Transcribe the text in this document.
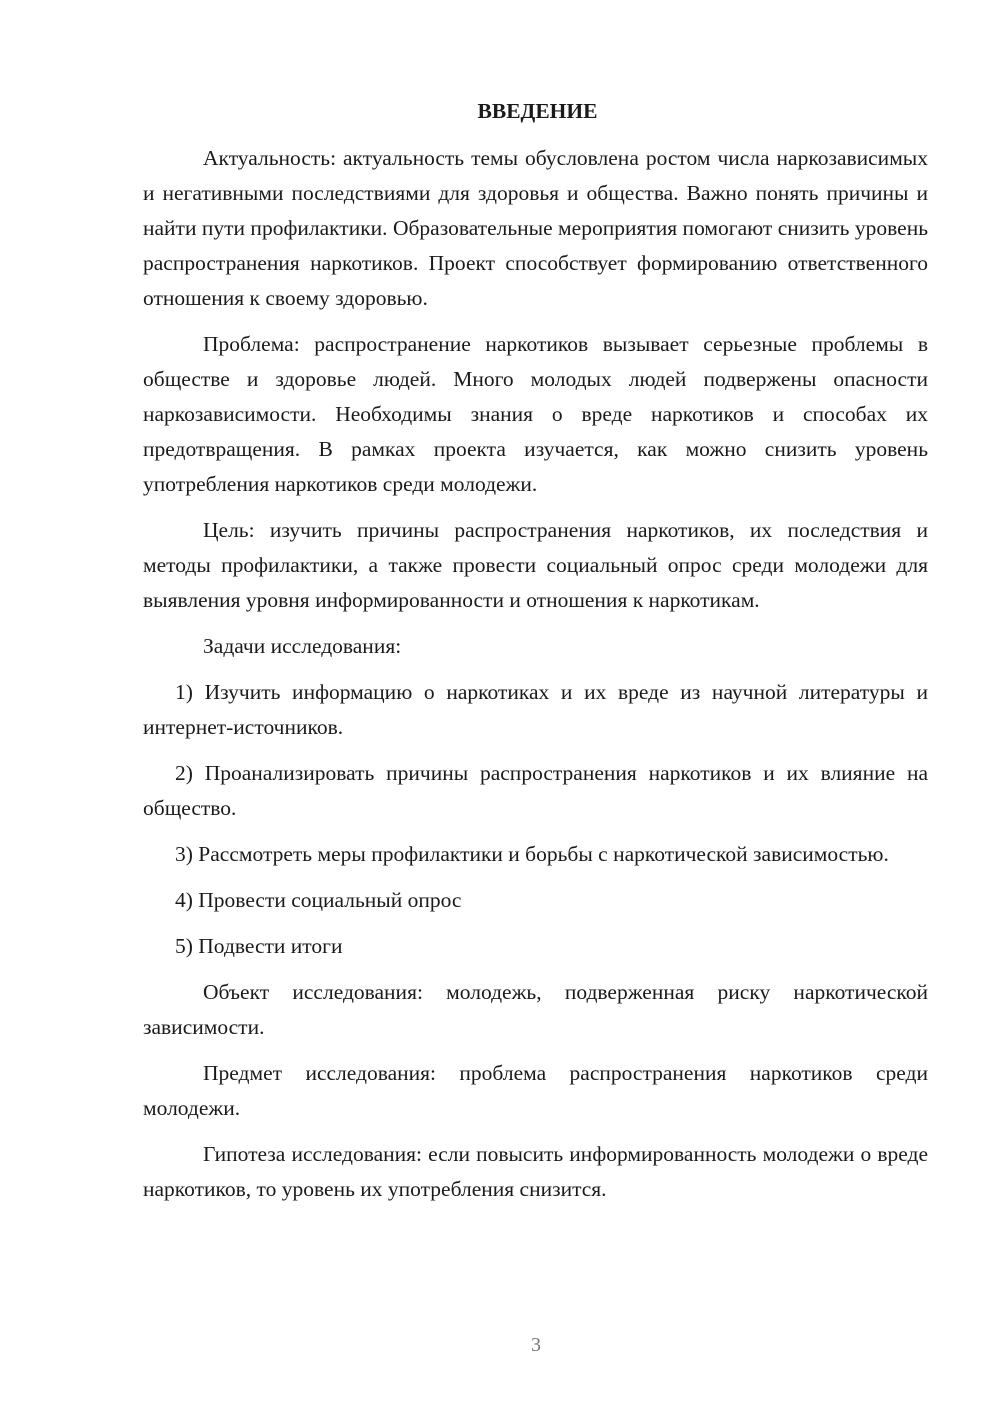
ВВЕДЕНИЕ

Актуальность: актуальность темы обусловлена ростом числа наркозависимых и негативными последствиями для здоровья и общества. Важно понять причины и найти пути профилактики. Образовательные мероприятия помогают снизить уровень распространения наркотиков. Проект способствует формированию ответственного отношения к своему здоровью.

Проблема: распространение наркотиков вызывает серьезные проблемы в обществе и здоровье людей. Много молодых людей подвержены опасности наркозависимости. Необходимы знания о вреде наркотиков и способах их предотвращения. В рамках проекта изучается, как можно снизить уровень употребления наркотиков среди молодежи.

Цель: изучить причины распространения наркотиков, их последствия и методы профилактики, а также провести социальный опрос среди молодежи для выявления уровня информированности и отношения к наркотикам.

Задачи исследования:

1) Изучить информацию о наркотиках и их вреде из научной литературы и интернет-источников.

2) Проанализировать причины распространения наркотиков и их влияние на общество.

3) Рассмотреть меры профилактики и борьбы с наркотической зависимостью.

4) Провести социальный опрос

5) Подвести итоги

Объект исследования: молодежь, подверженная риску наркотической зависимости.

Предмет исследования: проблема распространения наркотиков среди молодежи.

Гипотеза исследования: если повысить информированность молодежи о вреде наркотиков, то уровень их употребления снизится.

3
